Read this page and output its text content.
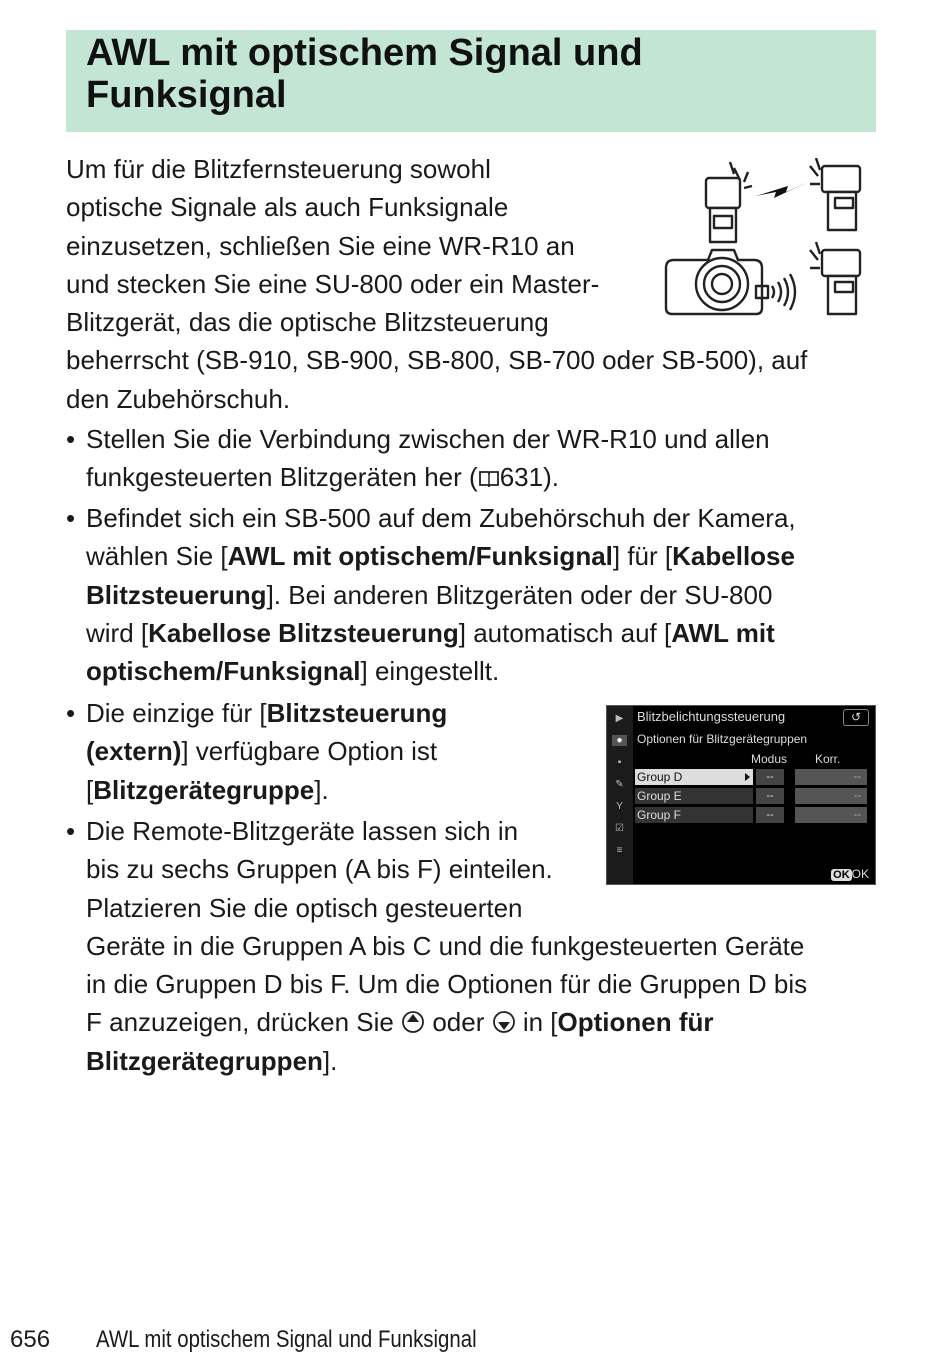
AWL mit optischem Signal und
Funksignal
Um für die Blitzfernsteuerung sowohl
optische Signale als auch Funksignale
einzusetzen, schließen Sie eine WR-R10 an
und stecken Sie eine SU-800 oder ein Master-
Blitzgerät, das die optische Blitzsteuerung
beherrscht (SB-910, SB-900, SB-800, SB-700 oder SB-500), auf
den Zubehörschuh.
• Stellen Sie die Verbindung zwischen der WR-R10 und allen
funkgesteuerten Blitzgeräten her ( 631).
• Befindet sich ein SB-500 auf dem Zubehörschuh der Kamera,
wählen Sie [AWL mit optischem/Funksignal] für [Kabellose
Blitzsteuerung]. Bei anderen Blitzgeräten oder der SU-800
wird [Kabellose Blitzsteuerung] automatisch auf [AWL mit
optischem/Funksignal] eingestellt.
• Die einzige für [Blitzsteuerung
(extern)] verfügbare Option ist
[Blitzgerätegruppe].
• Die Remote-Blitzgeräte lassen sich in
bis zu sechs Gruppen (A bis F) einteilen.
Platzieren Sie die optisch gesteuerten
Geräte in die Gruppen A bis C und die funkgesteuerten Geräte
in die Gruppen D bis F. Um die Optionen für die Gruppen D bis
F anzuzeigen, drücken Sie oder in [Optionen für
Blitzgerätegruppen].
▶
●
▪
✎
Y
☑
≡
Blitzbelichtungssteuerung	↺
Optionen für Blitzgerätegruppen
Modus Korr.
Group D	--	--
Group E	--	--
Group F	--	--
OK OK
656 AWL mit optischem Signal und Funksignal
